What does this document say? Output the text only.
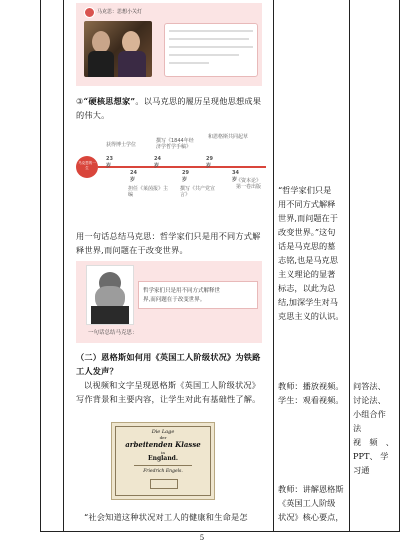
马克思：思想小关灯
③“硬核思想家”。以马克思的履历呈现他思想成果的伟大。
马克思的一生
23岁
获得博士学位
24岁
担任《莱茵报》主编
24岁
撰写《1844年经济学哲学手稿》
29岁
撰写《共产党宣言》
29岁
和恩格斯共同起草
34岁
《资本论》第一卷出版
用一句话总结马克思：哲学家们只是用不同方式解释世界,而问题在于改变世界。
哲学家们只是用不同方式解释世
界,而问题在于改变世界。
一句话总结马克思：
“哲学家们只是
用不同方式解释
世界,而问题在于
改变世界。”这句
话是马克思的墓
志铭,也是马克思
主义理论的显著
标志，以此为总
结,加深学生对马
克思主义的认识。
（二）恩格斯如何用《英国工人阶级状况》为铁路
工人发声？
以视频和文字呈现恩格斯《英国工人阶级状况》
写作背景和主要内容，让学生对此有基础性了解。
教师：播放视频。
学生：观看视频。
问答法、
讨论法、
小组合作
法
视　频　、
PPT、 学
习通
Die Lage
der
arbeitenden Klasse
in
England.
Friedrich Engels.
“社会知道这种状况对工人的健康和生命是怎
教师：讲解恩格斯
《英国工人阶级
状况》核心要点，
5
